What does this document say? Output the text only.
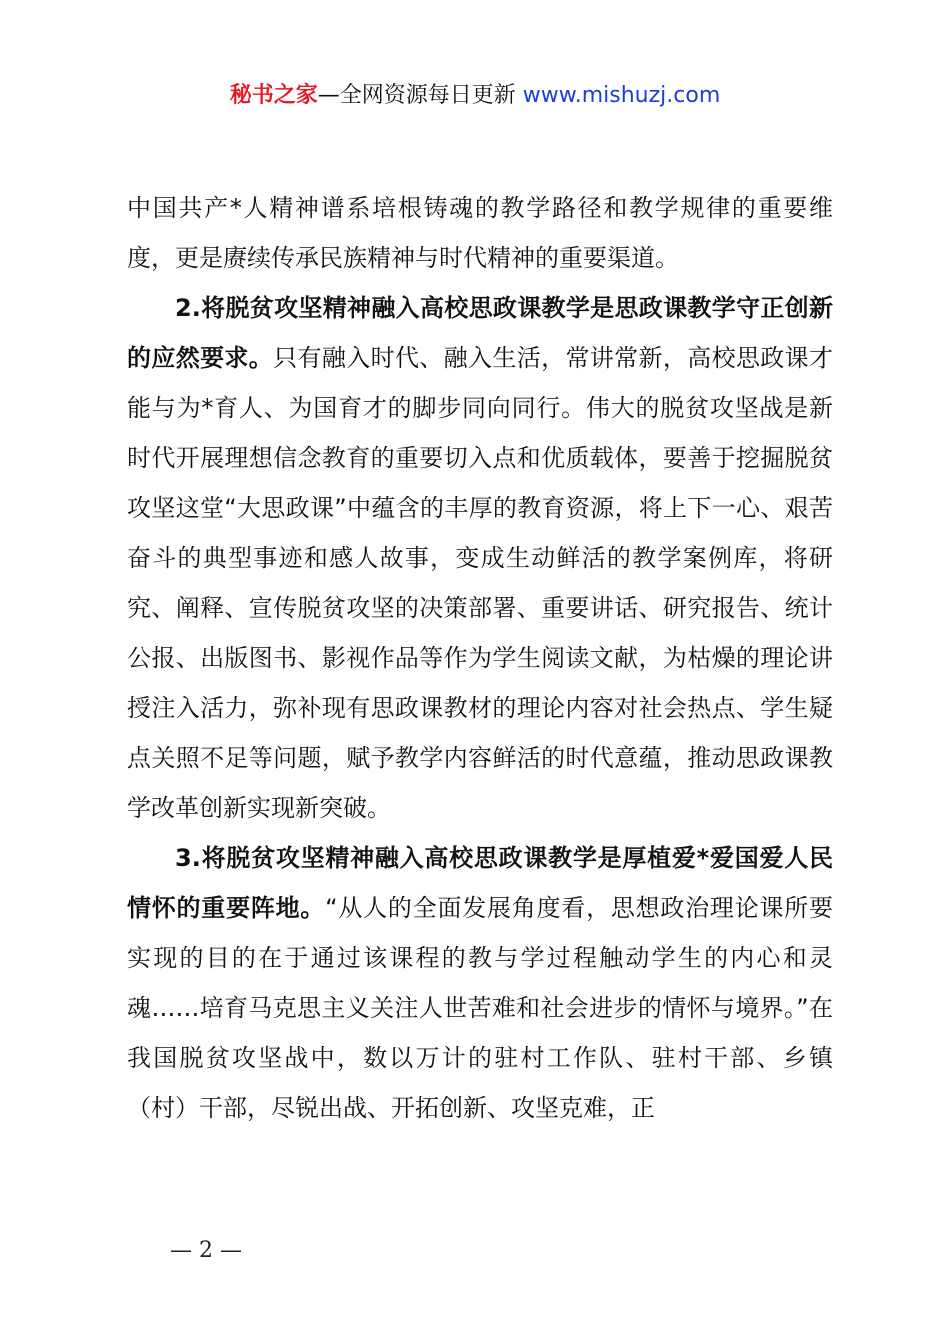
秘书之家—全网资源每日更新 www.mishuzj.com

中国共产*人精神谱系培根铸魂的教学路径和教学规律的重要维度，更是赓续传承民族精神与时代精神的重要渠道。

2.将脱贫攻坚精神融入高校思政课教学是思政课教学守正创新的应然要求。只有融入时代、融入生活，常讲常新，高校思政课才能与为*育人、为国育才的脚步同向同行。伟大的脱贫攻坚战是新时代开展理想信念教育的重要切入点和优质载体，要善于挖掘脱贫攻坚这堂“大思政课”中蕴含的丰厚的教育资源，将上下一心、艰苦奋斗的典型事迹和感人故事，变成生动鲜活的教学案例库，将研究、阐释、宣传脱贫攻坚的决策部署、重要讲话、研究报告、统计公报、出版图书、影视作品等作为学生阅读文献，为枯燥的理论讲授注入活力，弥补现有思政课教材的理论内容对社会热点、学生疑点关照不足等问题，赋予教学内容鲜活的时代意蕴，推动思政课教学改革创新实现新突破。

3.将脱贫攻坚精神融入高校思政课教学是厚植爱*爱国爱人民情怀的重要阵地。“从人的全面发展角度看，思想政治理论课所要实现的目的在于通过该课程的教与学过程触动学生的内心和灵魂……培育马克思主义关注人世苦难和社会进步的情怀与境界。”在我国脱贫攻坚战中，数以万计的驻村工作队、驻村干部、乡镇（村）干部，尽锐出战、开拓创新、攻坚克难，正

— 2 —
